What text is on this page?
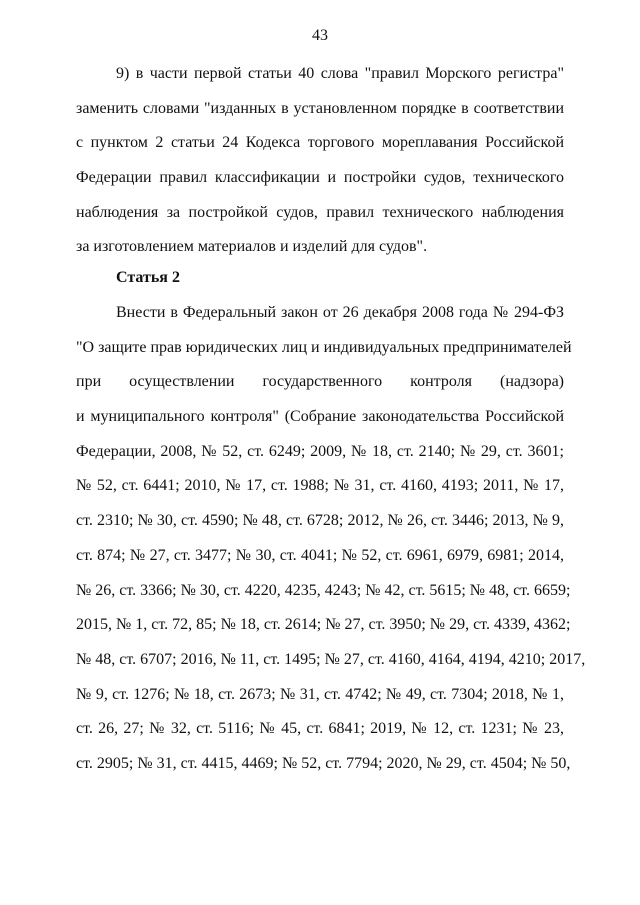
43
9) в части первой статьи 40 слова "правил Морского регистра"
заменить словами "изданных в установленном порядке в соответствии
с пунктом 2 статьи 24 Кодекса торгового мореплавания Российской
Федерации правил классификации и постройки судов, технического
наблюдения за постройкой судов, правил технического наблюдения
за изготовлением материалов и изделий для судов".
Статья 2
Внести в Федеральный закон от 26 декабря 2008 года № 294-ФЗ
"О защите прав юридических лиц и индивидуальных предпринимателей
при осуществлении государственного контроля (надзора)
и муниципального контроля" (Собрание законодательства Российской
Федерации, 2008, № 52, ст. 6249; 2009, № 18, ст. 2140; № 29, ст. 3601;
№ 52, ст. 6441; 2010, № 17, ст. 1988; № 31, ст. 4160, 4193; 2011, № 17,
ст. 2310; № 30, ст. 4590; № 48, ст. 6728; 2012, № 26, ст. 3446; 2013, № 9,
ст. 874; № 27, ст. 3477; № 30, ст. 4041; № 52, ст. 6961, 6979, 6981; 2014,
№ 26, ст. 3366; № 30, ст. 4220, 4235, 4243; № 42, ст. 5615; № 48, ст. 6659;
2015, № 1, ст. 72, 85; № 18, ст. 2614; № 27, ст. 3950; № 29, ст. 4339, 4362;
№ 48, ст. 6707; 2016, № 11, ст. 1495; № 27, ст. 4160, 4164, 4194, 4210; 2017,
№ 9, ст. 1276; № 18, ст. 2673; № 31, ст. 4742; № 49, ст. 7304; 2018, № 1,
ст. 26, 27; № 32, ст. 5116; № 45, ст. 6841; 2019, № 12, ст. 1231; № 23,
ст. 2905; № 31, ст. 4415, 4469; № 52, ст. 7794; 2020, № 29, ст. 4504; № 50,
